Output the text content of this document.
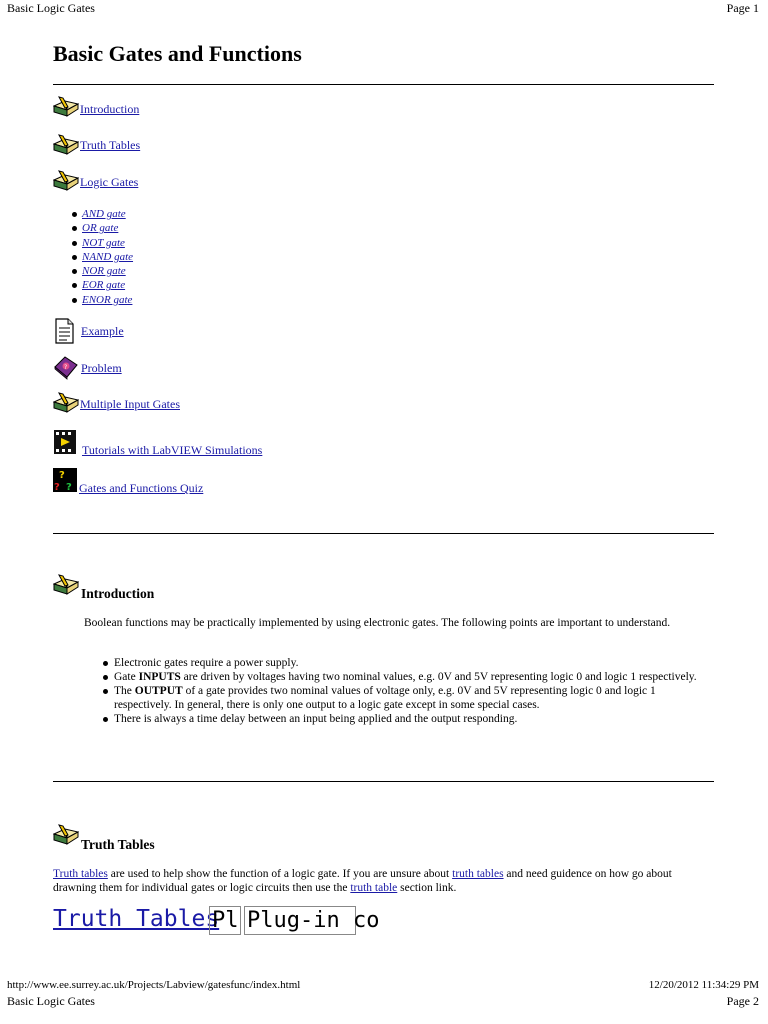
Basic Logic Gates	Page 1
Basic Gates and Functions
Introduction
Truth Tables
Logic Gates
AND gate
OR gate
NOT gate
NAND gate
NOR gate
EOR gate
ENOR gate
Example
? Problem
Multiple Input Gates
Tutorials with LabVIEW Simulations
?
? ? Gates and Functions Quiz
Introduction
Boolean functions may be practically implemented by using electronic gates. The following points are important to understand.
Electronic gates require a power supply.
Gate INPUTS are driven by voltages having two nominal values, e.g. 0V and 5V representing logic 0 and logic 1 respectively.
The OUTPUT of a gate provides two nominal values of voltage only, e.g. 0V and 5V representing logic 0 and logic 1 respectively. In general, there is only one output to a logic gate except in some special cases.
There is always a time delay between an input being applied and the output responding.
Truth Tables
Truth tables are used to help show the function of a logic gate. If you are unsure about truth tables and need guidence on how go about drawning them for individual gates or logic circuits then use the truth table section link.
Truth Tables
Pl Plug-in co
http://www.ee.surrey.ac.uk/Projects/Labview/gatesfunc/index.html	12/20/2012 11:34:29 PM
Basic Logic Gates	Page 2
